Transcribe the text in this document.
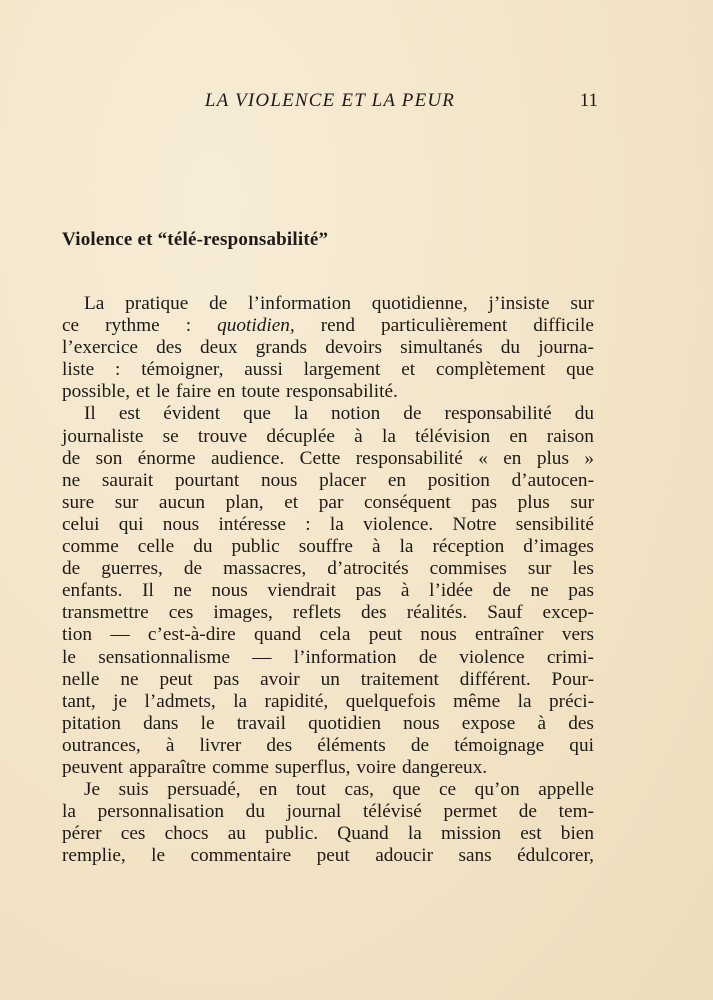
LA VIOLENCE ET LA PEUR	11
Violence et “télé-responsabilité”
La pratique de l’information quotidienne, j’insiste sur
ce rythme : quotidien, rend particulièrement difficile
l’exercice des deux grands devoirs simultanés du journa-
liste : témoigner, aussi largement et complètement que
possible, et le faire en toute responsabilité.
Il est évident que la notion de responsabilité du
journaliste se trouve décuplée à la télévision en raison
de son énorme audience. Cette responsabilité « en plus »
ne saurait pourtant nous placer en position d’autocen-
sure sur aucun plan, et par conséquent pas plus sur
celui qui nous intéresse : la violence. Notre sensibilité
comme celle du public souffre à la réception d’images
de guerres, de massacres, d’atrocités commises sur les
enfants. Il ne nous viendrait pas à l’idée de ne pas
transmettre ces images, reflets des réalités. Sauf excep-
tion — c’est-à-dire quand cela peut nous entraîner vers
le sensationnalisme — l’information de violence crimi-
nelle ne peut pas avoir un traitement différent. Pour-
tant, je l’admets, la rapidité, quelquefois même la préci-
pitation dans le travail quotidien nous expose à des
outrances, à livrer des éléments de témoignage qui
peuvent apparaître comme superflus, voire dangereux.
Je suis persuadé, en tout cas, que ce qu’on appelle
la personnalisation du journal télévisé permet de tem-
pérer ces chocs au public. Quand la mission est bien
remplie, le commentaire peut adoucir sans édulcorer,
